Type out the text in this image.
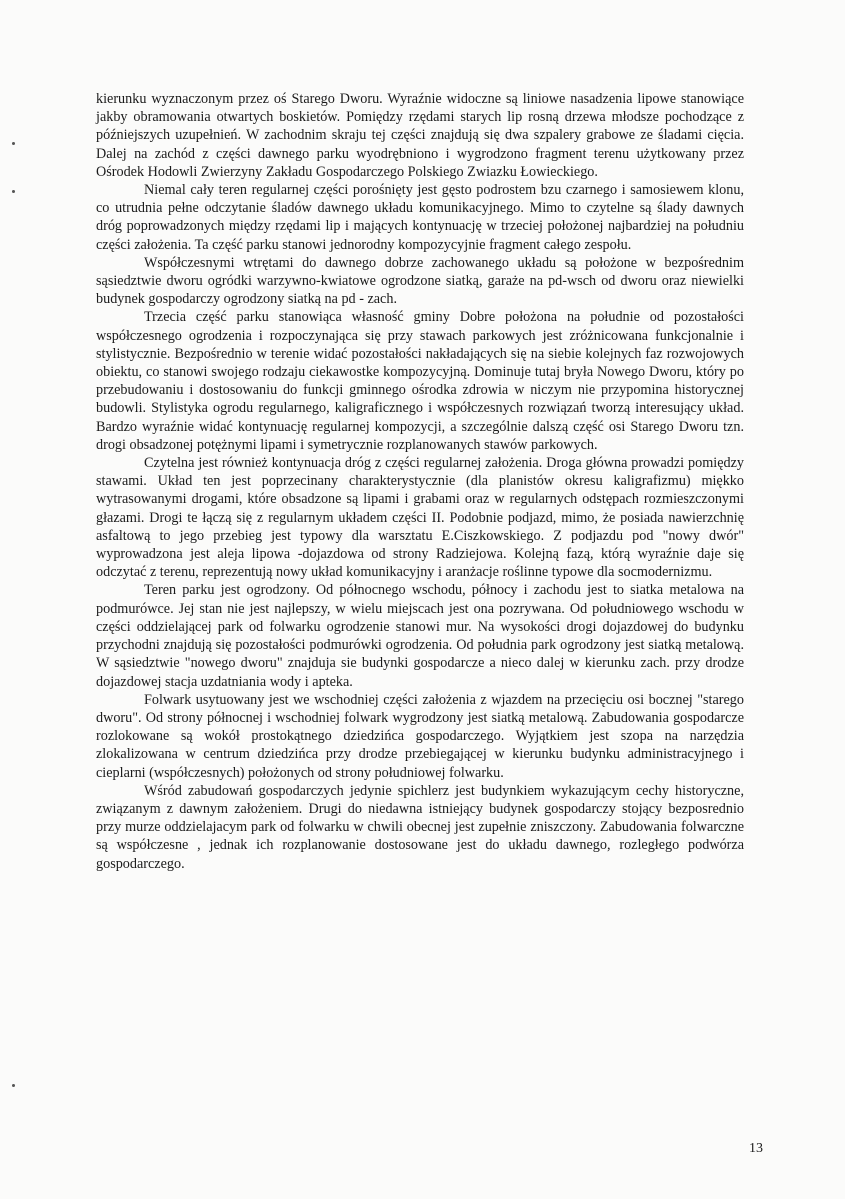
kierunku wyznaczonym przez oś Starego Dworu. Wyraźnie widoczne są liniowe nasadzenia lipowe stanowiące jakby obramowania otwartych boskietów. Pomiędzy rzędami starych lip rosną drzewa młodsze pochodzące z późniejszych uzupełnień. W zachodnim skraju tej części znajdują się dwa szpalery grabowe ze śladami cięcia. Dalej na zachód z części dawnego parku wyodrębniono i wygrodzono fragment terenu użytkowany przez Ośrodek Hodowli Zwierzyny Zakładu Gospodarczego Polskiego Zwiazku Łowieckiego.

Niemal cały teren regularnej części porośnięty jest gęsto podrostem bzu czarnego i samosiewem klonu, co utrudnia pełne odczytanie śladów dawnego układu komunikacyjnego. Mimo to czytelne są ślady dawnych dróg poprowadzonych między rzędami lip i mających kontynuację w trzeciej położonej najbardziej na południu części założenia. Ta część parku stanowi jednorodny kompozycyjnie fragment całego zespołu.

Współczesnymi wtrętami do dawnego dobrze zachowanego układu są położone w bezpośrednim sąsiedztwie dworu ogródki warzywno-kwiatowe ogrodzone siatką, garaże na pd-wsch od dworu oraz niewielki budynek gospodarczy ogrodzony siatką na pd - zach.

Trzecia część parku stanowiąca własność gminy Dobre położona na południe od pozostałości współczesnego ogrodzenia i rozpoczynająca się przy stawach parkowych jest zróżnicowana funkcjonalnie i stylistycznie. Bezpośrednio w terenie widać pozostałości nakładających się na siebie kolejnych faz rozwojowych obiektu, co stanowi swojego rodzaju ciekawostke kompozycyjną. Dominuje tutaj bryła Nowego Dworu, który po przebudowaniu i dostosowaniu do funkcji gminnego ośrodka zdrowia w niczym nie przypomina historycznej budowli. Stylistyka ogrodu regularnego, kaligraficznego i współczesnych rozwiązań tworzą interesujący układ. Bardzo wyraźnie widać kontynuację regularnej kompozycji, a szczególnie dalszą część osi Starego Dworu tzn. drogi obsadzonej potężnymi lipami i symetrycznie rozplanowanych stawów parkowych.

Czytelna jest również kontynuacja dróg z części regularnej założenia. Droga główna prowadzi pomiędzy stawami. Układ ten jest poprzecinany charakterystycznie (dla planistów okresu kaligrafizmu) miękko wytrasowanymi drogami, które obsadzone są lipami i grabami oraz w regularnych odstępach rozmieszczonymi głazami. Drogi te łączą się z regularnym układem części II. Podobnie podjazd, mimo, że posiada nawierzchnię asfaltową to jego przebieg jest typowy dla warsztatu E.Ciszkowskiego. Z podjazdu pod "nowy dwór" wyprowadzona jest aleja lipowa -dojazdowa od strony Radziejowa. Kolejną fazą, którą wyraźnie daje się odczytać z terenu, reprezentują nowy układ komunikacyjny i aranżacje roślinne typowe dla socmodernizmu.

Teren parku jest ogrodzony. Od północnego wschodu, północy i zachodu jest to siatka metalowa na podmurówce. Jej stan nie jest najlepszy, w wielu miejscach jest ona pozrywana. Od południowego wschodu w części oddzielającej park od folwarku ogrodzenie stanowi mur. Na wysokości drogi dojazdowej do budynku przychodni znajdują się pozostałości podmurówki ogrodzenia. Od południa park ogrodzony jest siatką metalową. W sąsiedztwie "nowego dworu" znajduja sie budynki gospodarcze a nieco dalej w kierunku zach. przy drodze dojazdowej stacja uzdatniania wody i apteka.

Folwark usytuowany jest we wschodniej części założenia z wjazdem na przecięciu osi bocznej "starego dworu". Od strony północnej i wschodniej folwark wygrodzony jest siatką metalową. Zabudowania gospodarcze rozlokowane są wokół prostokątnego dziedzińca gospodarczego. Wyjątkiem jest szopa na narzędzia zlokalizowana w centrum dziedzińca przy drodze przebiegającej w kierunku budynku administracyjnego i cieplarni (współczesnych) położonych od strony południowej folwarku.

Wśród zabudowań gospodarczych jedynie spichlerz jest budynkiem wykazującym cechy historyczne, związanym z dawnym założeniem. Drugi do niedawna istniejący budynek gospodarczy stojący bezposrednio przy murze oddzielajacym park od folwarku w chwili obecnej jest zupełnie zniszczony. Zabudowania folwarczne są współczesne , jednak ich rozplanowanie dostosowane jest do układu dawnego, rozległego podwórza gospodarczego.

13
